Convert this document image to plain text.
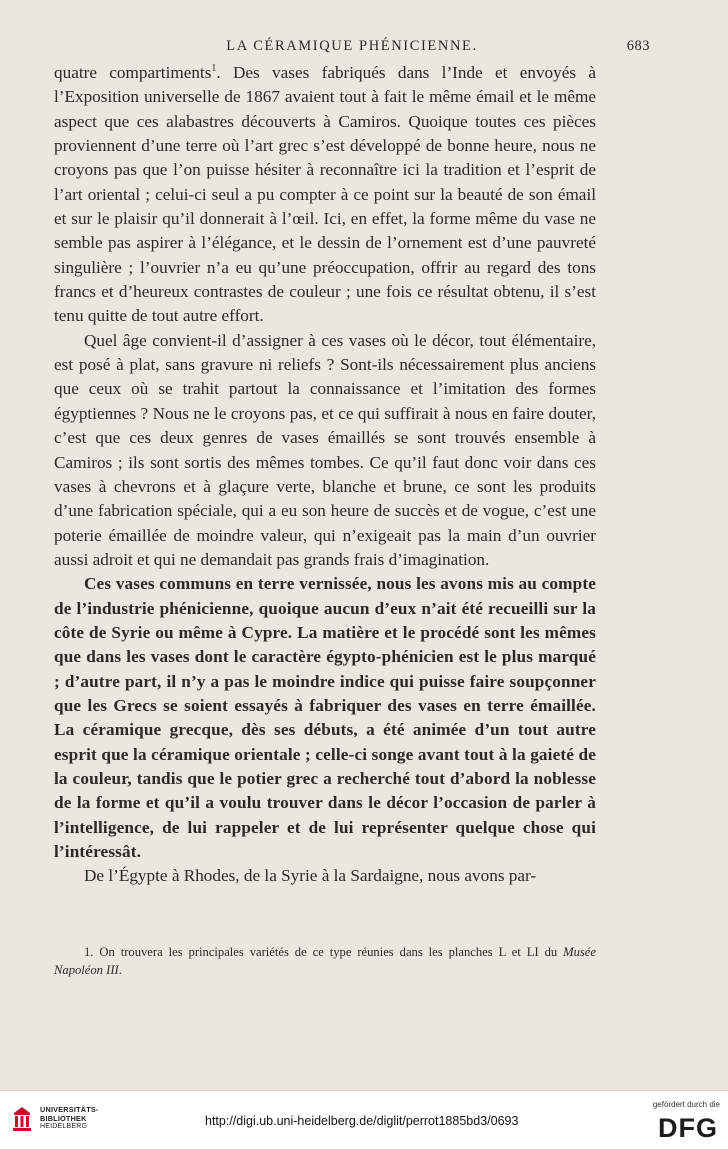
LA CÉRAMIQUE PHÉNICIENNE.	683

quatre compartiments$^1$. Des vases fabriqués dans l’Inde et envoyés à l’Exposition universelle de 1867 avaient tout à fait le même émail et le même aspect que ces alabastres découverts à Camiros. Quoique toutes ces pièces proviennent d’une terre où l’art grec s’est développé de bonne heure, nous ne croyons pas que l’on puisse hésiter à reconnaître ici la tradition et l’esprit de l’art oriental ; celui-ci seul a pu compter à ce point sur la beauté de son émail et sur le plaisir qu’il donnerait à l’œil. Ici, en effet, la forme même du vase ne semble pas aspirer à l’élégance, et le dessin de l’ornement est d’une pauvreté singulière ; l’ouvrier n’a eu qu’une préoccupation, offrir au regard des tons francs et d’heureux contrastes de couleur ; une fois ce résultat obtenu, il s’est tenu quitte de tout autre effort.

Quel âge convient-il d’assigner à ces vases où le décor, tout élémentaire, est posé à plat, sans gravure ni reliefs ? Sont-ils nécessairement plus anciens que ceux où se trahit partout la connaissance et l’imitation des formes égyptiennes ? Nous ne le croyons pas, et ce qui suffirait à nous en faire douter, c’est que ces deux genres de vases émaillés se sont trouvés ensemble à Camiros ; ils sont sortis des mêmes tombes. Ce qu’il faut donc voir dans ces vases à chevrons et à glaçure verte, blanche et brune, ce sont les produits d’une fabrication spéciale, qui a eu son heure de succès et de vogue, c’est une poterie émaillée de moindre valeur, qui n’exigeait pas la main d’un ouvrier aussi adroit et qui ne demandait pas grands frais d’imagination.

Ces vases communs en terre vernissée, nous les avons mis au compte de l’industrie phénicienne, quoique aucun d’eux n’ait été recueilli sur la côte de Syrie ou même à Cypre. La matière et le procédé sont les mêmes que dans les vases dont le caractère égypto-phénicien est le plus marqué ; d’autre part, il n’y a pas le moindre indice qui puisse faire soupçonner que les Grecs se soient essayés à fabriquer des vases en terre émaillée. La céramique grecque, dès ses débuts, a été animée d’un tout autre esprit que la céramique orientale ; celle-ci songe avant tout à la gaieté de la couleur, tandis que le potier grec a recherché tout d’abord la noblesse de la forme et qu’il a voulu trouver dans le décor l’occasion de parler à l’intelligence, de lui rappeler et de lui représenter quelque chose qui l’intéressât.

De l’Égypte à Rhodes, de la Syrie à la Sardaigne, nous avons par-

1. On trouvera les principales variétés de ce type réunies dans les planches L et LI du Musée Napoléon III.
UNIVERSITÄTS-
BIBLIOTHEK
HEIDELBERG	http://digi.ub.uni-heidelberg.de/diglit/perrot1885bd3/0693
gefördert durch die
DFG
